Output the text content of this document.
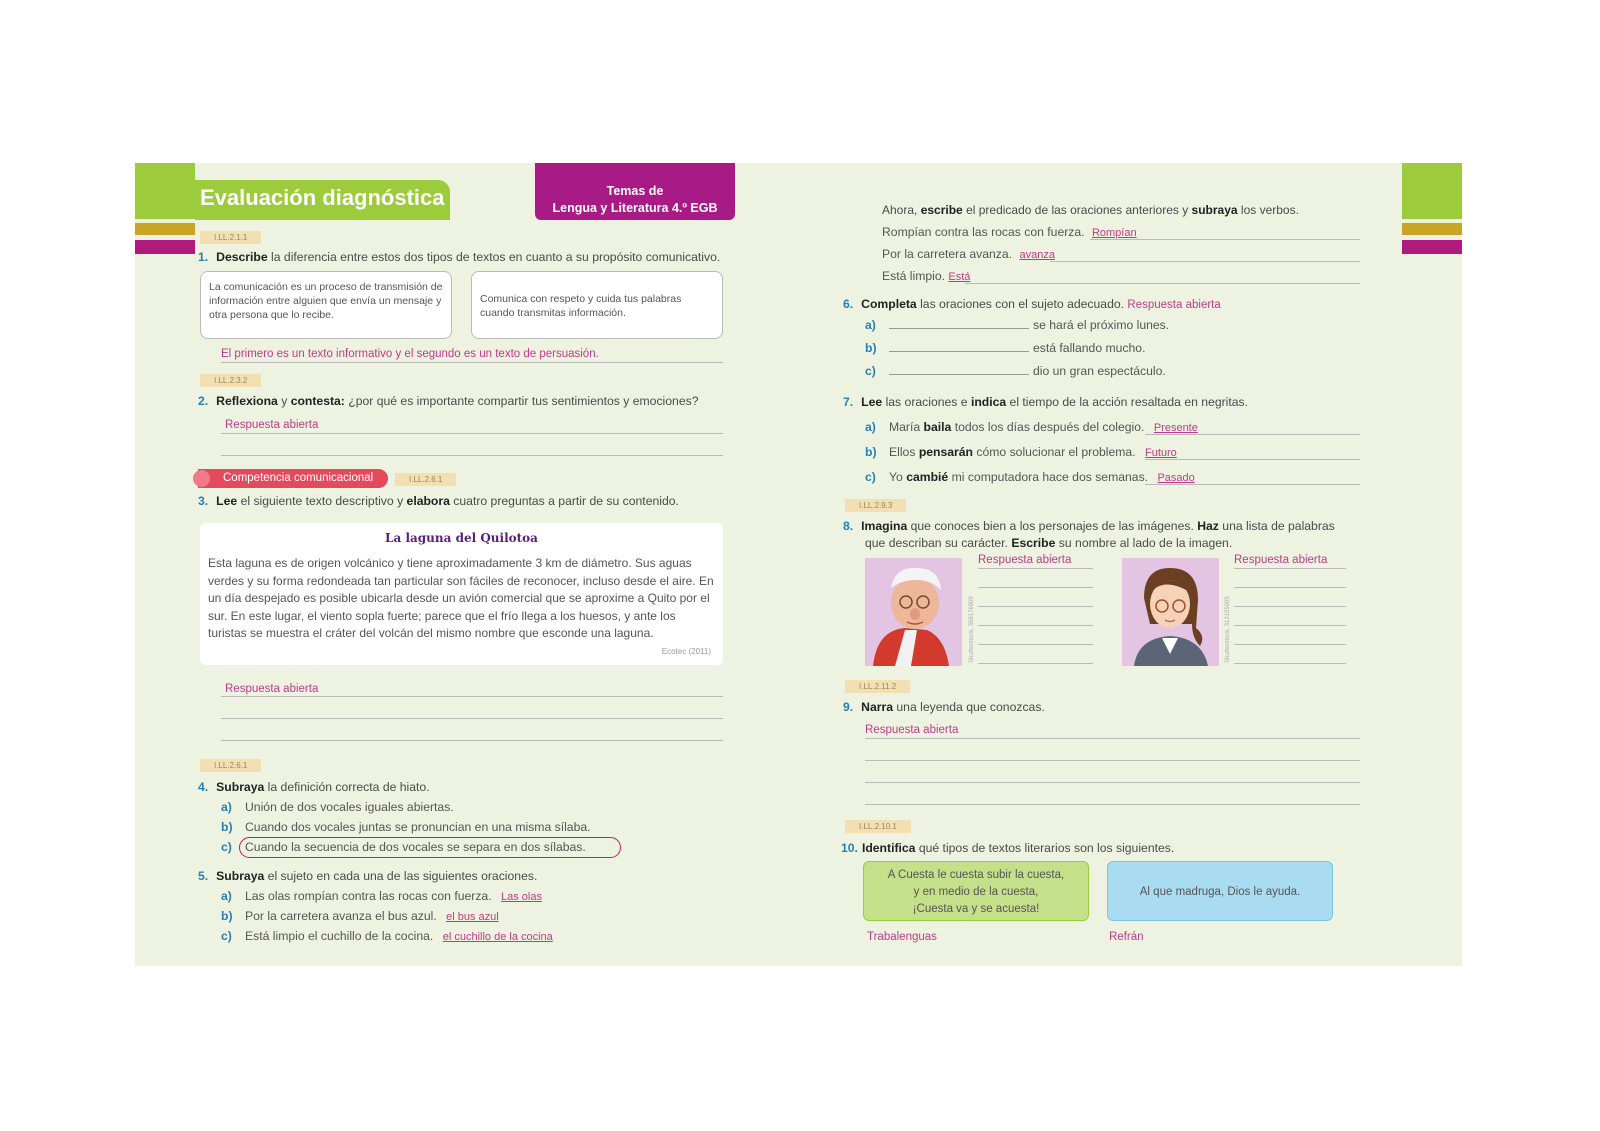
Evaluación diagnóstica	Temas de
Lengua y Literatura 4.º EGB
I.LL.2.1.1
1. Describe la diferencia entre estos dos tipos de textos en cuanto a su propósito comunicativo.
La comunicación es un proceso de transmisión de información entre alguien que envía un mensaje y otra persona que lo recibe.
Comunica con respeto y cuida tus palabras cuando transmitas información.
El primero es un texto informativo y el segundo es un texto de persuasión.
I.LL.2.3.2
2. Reflexiona y contesta: ¿por qué es importante compartir tus sentimientos y emociones?
Respuesta abierta
Competencia comunicacional	I.LL.2.6.1
3. Lee el siguiente texto descriptivo y elabora cuatro preguntas a partir de su contenido.
La laguna del Quilotoa
Esta laguna es de origen volcánico y tiene aproximadamente 3 km de diámetro. Sus aguas verdes y su forma redondeada tan particular son fáciles de reconocer, incluso desde el aire. En un día despejado es posible ubicarla desde un avión comercial que se aproxime a Quito por el sur. En este lugar, el viento sopla fuerte; parece que el frío llega a los huesos, y ante los turistas se muestra el cráter del volcán del mismo nombre que esconde una laguna.
Ecotec (2011)
Respuesta abierta
I.LL.2.6.1
4. Subraya la definición correcta de hiato.
a) Unión de dos vocales iguales abiertas.
b) Cuando dos vocales juntas se pronuncian en una misma sílaba.
c) Cuando la secuencia de dos vocales se separa en dos sílabas.
5. Subraya el sujeto en cada una de las siguientes oraciones.
a) Las olas rompían contra las rocas con fuerza. Las olas
b) Por la carretera avanza el bus azul. el bus azul
c) Está limpio el cuchillo de la cocina. el cuchillo de la cocina
Ahora, escribe el predicado de las oraciones anteriores y subraya los verbos.
Rompían contra las rocas con fuerza. Rompían
Por la carretera avanza. avanza
Está limpio. Está
6. Completa las oraciones con el sujeto adecuado. Respuesta abierta
a)	se hará el próximo lunes.
b)	está fallando mucho.
c)	dio un gran espectáculo.
7. Lee las oraciones e indica el tiempo de la acción resaltada en negritas.
a) María baila todos los días después del colegio. Presente
b) Ellos pensarán cómo solucionar el problema. Futuro
c) Yo cambié mi computadora hace dos semanas. Pasado
I.LL.2.9.3
8. Imagina que conoces bien a los personajes de las imágenes. Haz una lista de palabras
que describan su carácter. Escribe su nombre al lado de la imagen.
Shutterstock, 358176809
Respuesta abierta
Shutterstock, 312105005
Respuesta abierta
I.LL.2.11.2
9. Narra una leyenda que conozcas.
Respuesta abierta
I.LL.2.10.1
10. Identifica qué tipos de textos literarios son los siguientes.
A Cuesta le cuesta subir la cuesta,
y en medio de la cuesta,
¡Cuesta va y se acuesta!
Al que madruga, Dios le ayuda.
Trabalenguas	Refrán
